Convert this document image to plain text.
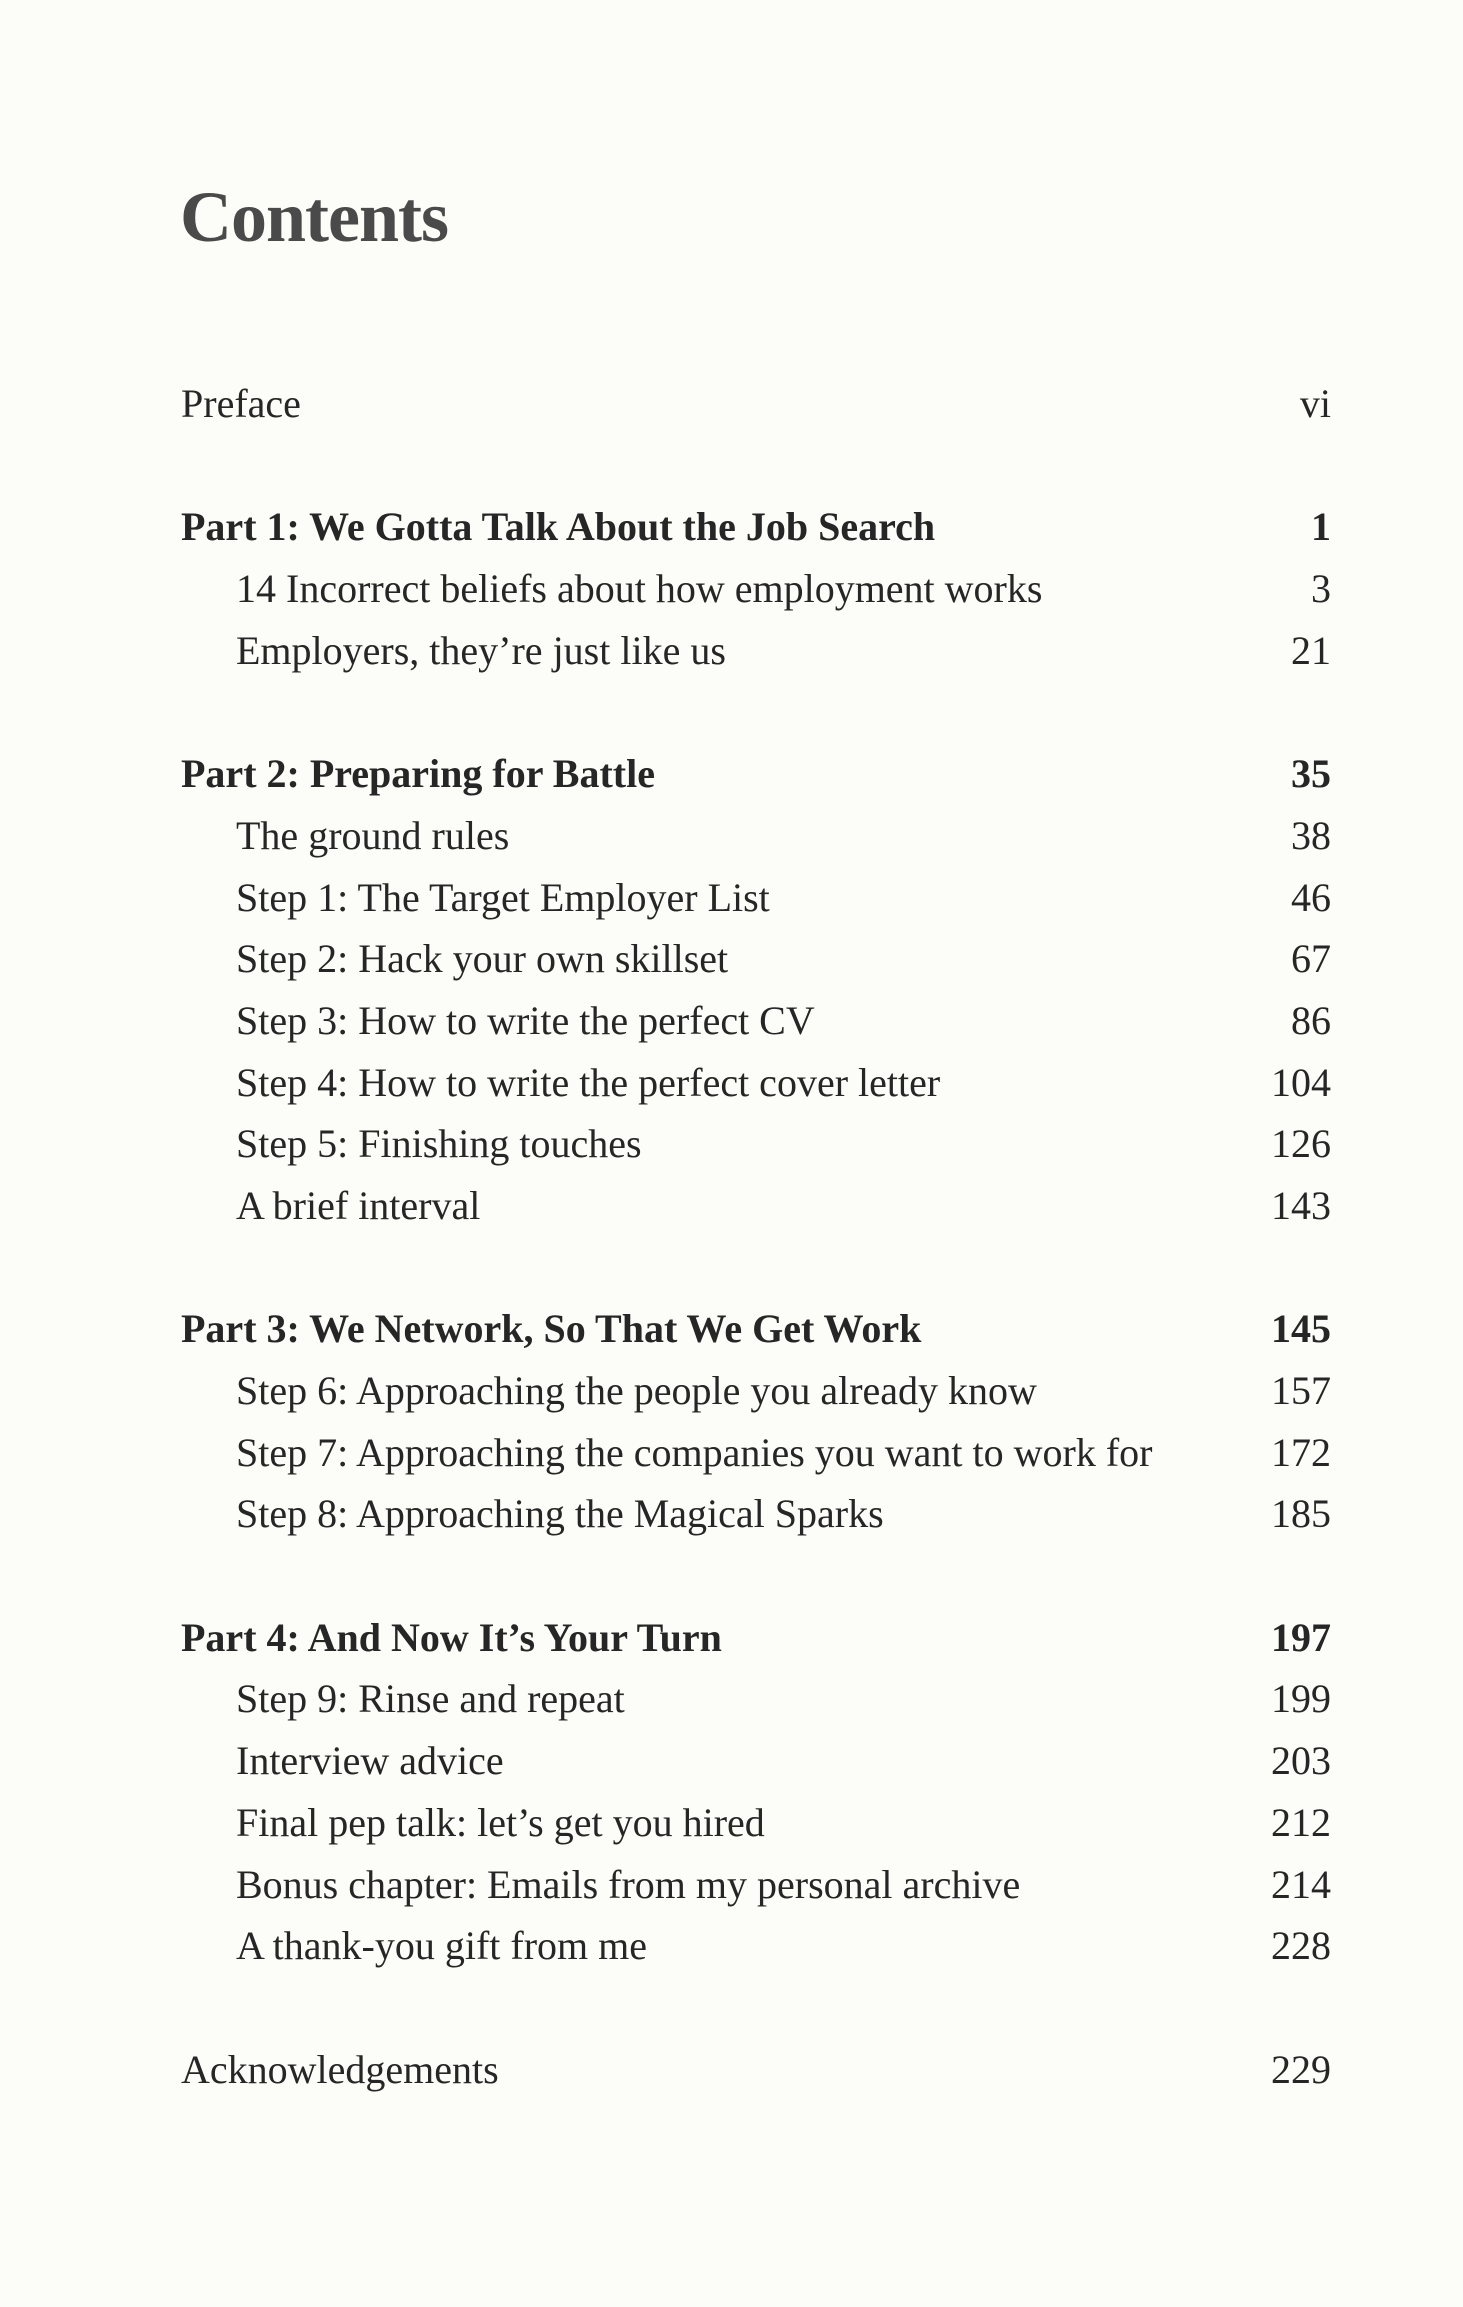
Contents
Preface	vi
Part 1: We Gotta Talk About the Job Search	1
14 Incorrect beliefs about how employment works	3
Employers, they’re just like us	21
Part 2: Preparing for Battle	35
The ground rules	38
Step 1: The Target Employer List	46
Step 2: Hack your own skillset	67
Step 3: How to write the perfect CV	86
Step 4: How to write the perfect cover letter	104
Step 5: Finishing touches	126
A brief interval	143
Part 3: We Network, So That We Get Work	145
Step 6: Approaching the people you already know	157
Step 7: Approaching the companies you want to work for	172
Step 8: Approaching the Magical Sparks	185
Part 4: And Now It’s Your Turn	197
Step 9: Rinse and repeat	199
Interview advice	203
Final pep talk: let’s get you hired	212
Bonus chapter: Emails from my personal archive	214
A thank-you gift from me	228
Acknowledgements	229
